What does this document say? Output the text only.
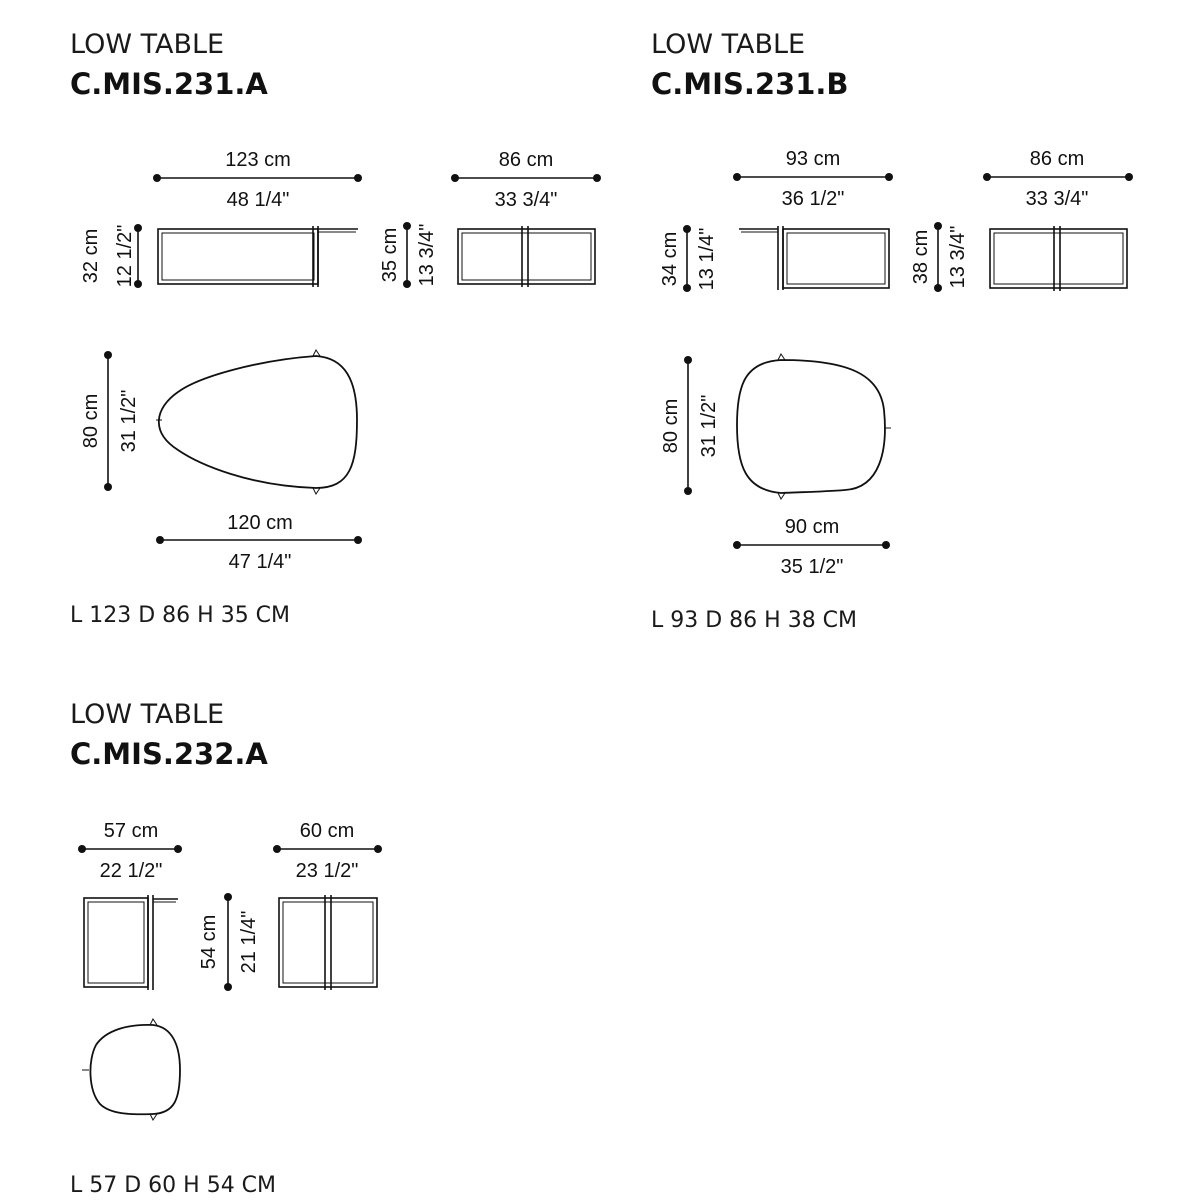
LOW TABLE
C.MIS.231.A
123 cm
48 1/4"
32 cm 12 1/2"
86 cm
33 3/4"
35 cm 13 3/4"
80 cm 31 1/2"
120 cm
47 1/4"
L 123 D 86 H 35 CM
LOW TABLE
C.MIS.231.B
93 cm
36 1/2"
34 cm 13 1/4"
86 cm
33 3/4"
38 cm 13 3/4"
80 cm 31 1/2"
90 cm
35 1/2"
L 93 D 86 H 38 CM
LOW TABLE
C.MIS.232.A
57 cm
22 1/2"
54 cm 21 1/4"
60 cm
23 1/2"
L 57 D 60 H 54 CM
